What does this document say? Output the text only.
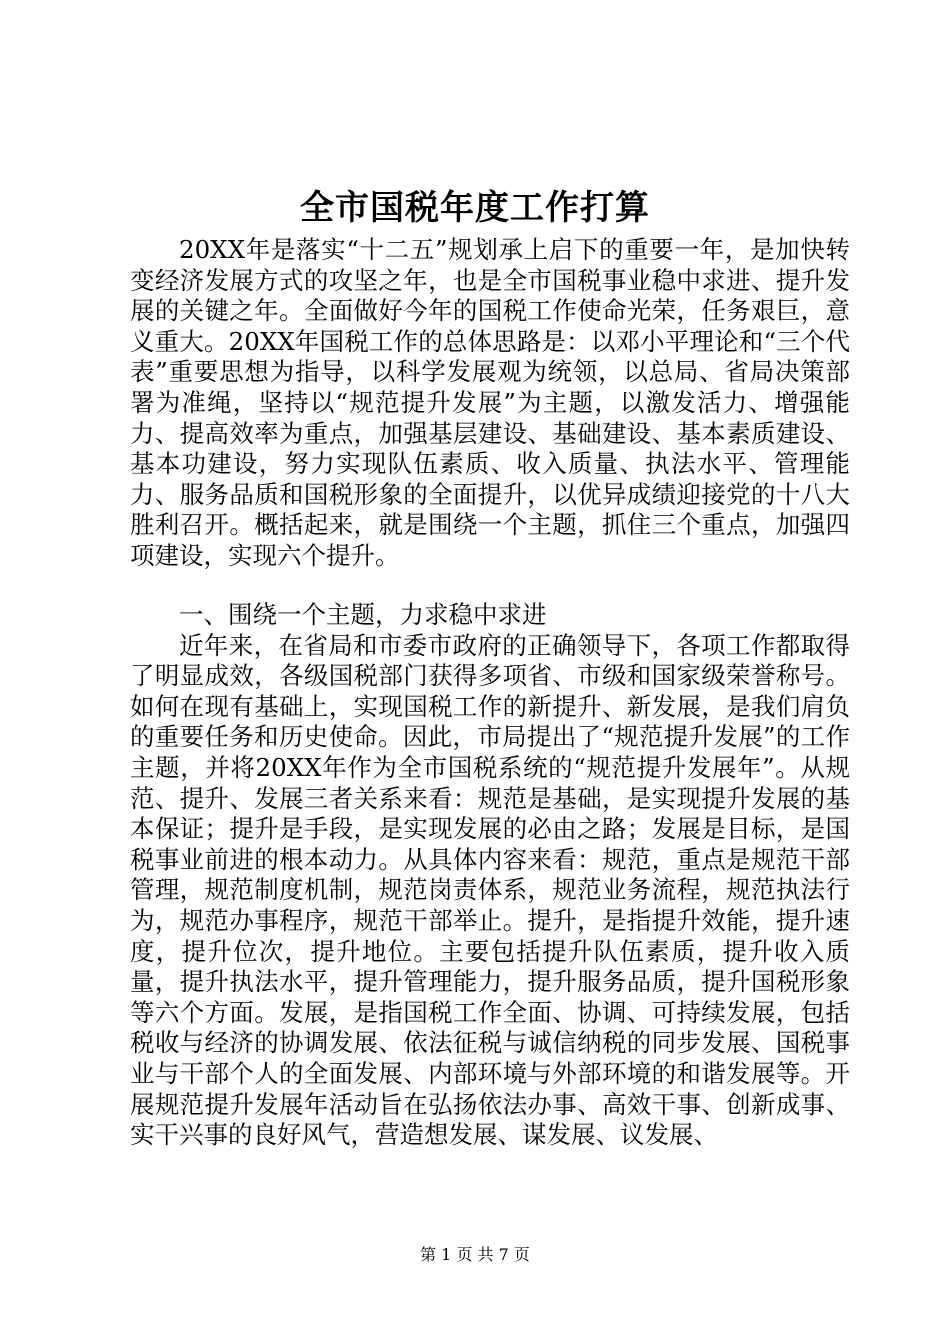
全市国税年度工作打算

20XX年是落实“十二五”规划承上启下的重要一年，是加快转变经济发展方式的攻坚之年，也是全市国税事业稳中求进、提升发展的关键之年。全面做好今年的国税工作使命光荣，任务艰巨，意义重大。20XX年国税工作的总体思路是：以邓小平理论和“三个代表”重要思想为指导，以科学发展观为统领，以总局、省局决策部署为准绳，坚持以“规范提升发展”为主题，以激发活力、增强能力、提高效率为重点，加强基层建设、基础建设、基本素质建设、基本功建设，努力实现队伍素质、收入质量、执法水平、管理能力、服务品质和国税形象的全面提升，以优异成绩迎接党的十八大胜利召开。概括起来，就是围绕一个主题，抓住三个重点，加强四项建设，实现六个提升。

一、围绕一个主题，力求稳中求进

近年来，在省局和市委市政府的正确领导下，各项工作都取得了明显成效，各级国税部门获得多项省、市级和国家级荣誉称号。如何在现有基础上，实现国税工作的新提升、新发展，是我们肩负的重要任务和历史使命。因此，市局提出了“规范提升发展”的工作主题，并将20XX年作为全市国税系统的“规范提升发展年”。从规范、提升、发展三者关系来看：规范是基础，是实现提升发展的基本保证；提升是手段，是实现发展的必由之路；发展是目标，是国税事业前进的根本动力。从具体内容来看：规范，重点是规范干部管理，规范制度机制，规范岗责体系，规范业务流程，规范执法行为，规范办事程序，规范干部举止。提升，是指提升效能，提升速度，提升位次，提升地位。主要包括提升队伍素质，提升收入质量，提升执法水平，提升管理能力，提升服务品质，提升国税形象等六个方面。发展，是指国税工作全面、协调、可持续发展，包括税收与经济的协调发展、依法征税与诚信纳税的同步发展、国税事业与干部个人的全面发展、内部环境与外部环境的和谐发展等。开展规范提升发展年活动旨在弘扬依法办事、高效干事、创新成事、实干兴事的良好风气，营造想发展、谋发展、议发展、

第 1 页 共 7 页
